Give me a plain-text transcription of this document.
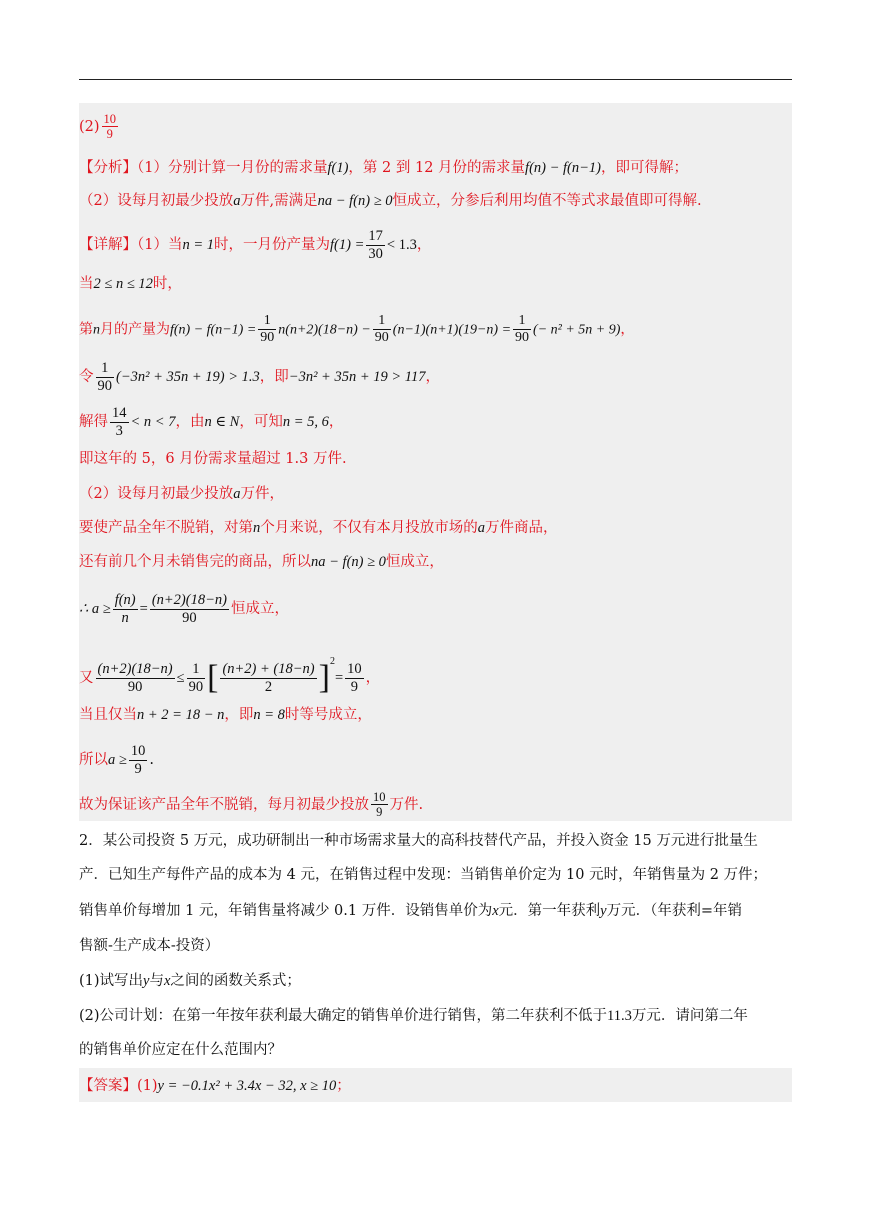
$(2) \frac{10}{9}$
【分析】（1）分别计算一月份的需求量f(1)，第 2 到 12 月份的需求量f(n) − f(n−1)，即可得解；
（2）设每月初最少投放a万件,需满足na − f(n) ≥ 0恒成立，分参后利用均值不等式求最值即可得解.
【详解】（1）当n = 1时，一月份产量为$f(1) = \frac{17}{30} < 1.3$，
当2 ≤ n ≤ 12时，
第n月的产量为$f(n) - f(n-1) = \frac{1}{90} n(n+2)(18-n) - \frac{1}{90} (n-1)(n+1)(19-n) = \frac{1}{90}$ (− n² + 5n + 9)，
令 $\frac{1}{90} (-3n^2 + 35n + 19) > 1.3$，即−3n² + 35n + 19 > 117，
解得 $\frac{14}{3} < n < 7$，由n ∈ N，可知n = 5, 6，
即这年的 5，6 月份需求量超过 1.3 万件.
（2）设每月初最少投放a万件，
要使产品全年不脱销，对第n个月来说，不仅有本月投放市场的a万件商品，
还有前几个月未销售完的商品，所以na − f(n) ≥ 0恒成立，
∴ $a \ge \frac{f(n)}{n} = \frac{(n+2)(18-n)}{90}$ 恒成立，
又 $\frac{(n+2)(18-n)}{90} \le \frac{1}{90}$ [ $\frac{(n+2) + (18-n)}{2} ]^2= \frac{10}{9}$ ，
当且仅当n + 2 = 18 − n，即n = 8时等号成立，
所以$a \ge \frac{10}{9}$ .
故为保证该产品全年不脱销，每月初最少投放 $\frac{10}{9}$ 万件.
2．某公司投资 5 万元，成功研制出一种市场需求量大的高科技替代产品，并投入资金 15 万元进行批量生
产．已知生产每件产品的成本为 4 元，在销售过程中发现：当销售单价定为 10 元时，年销售量为 2 万件；
销售单价每增加 1 元，年销售量将减少 0.1 万件．设销售单价为x元．第一年获利y万元．（年获利=年销
售额-生产成本-投资）
(1)试写出y与x之间的函数关系式；
(2)公司计划：在第一年按年获利最大确定的销售单价进行销售，第二年获利不低于11.3万元．请问第二年
的销售单价应定在什么范围内？
【答案】(1)y = −0.1x² + 3.4x − 32, x ≥ 10；
